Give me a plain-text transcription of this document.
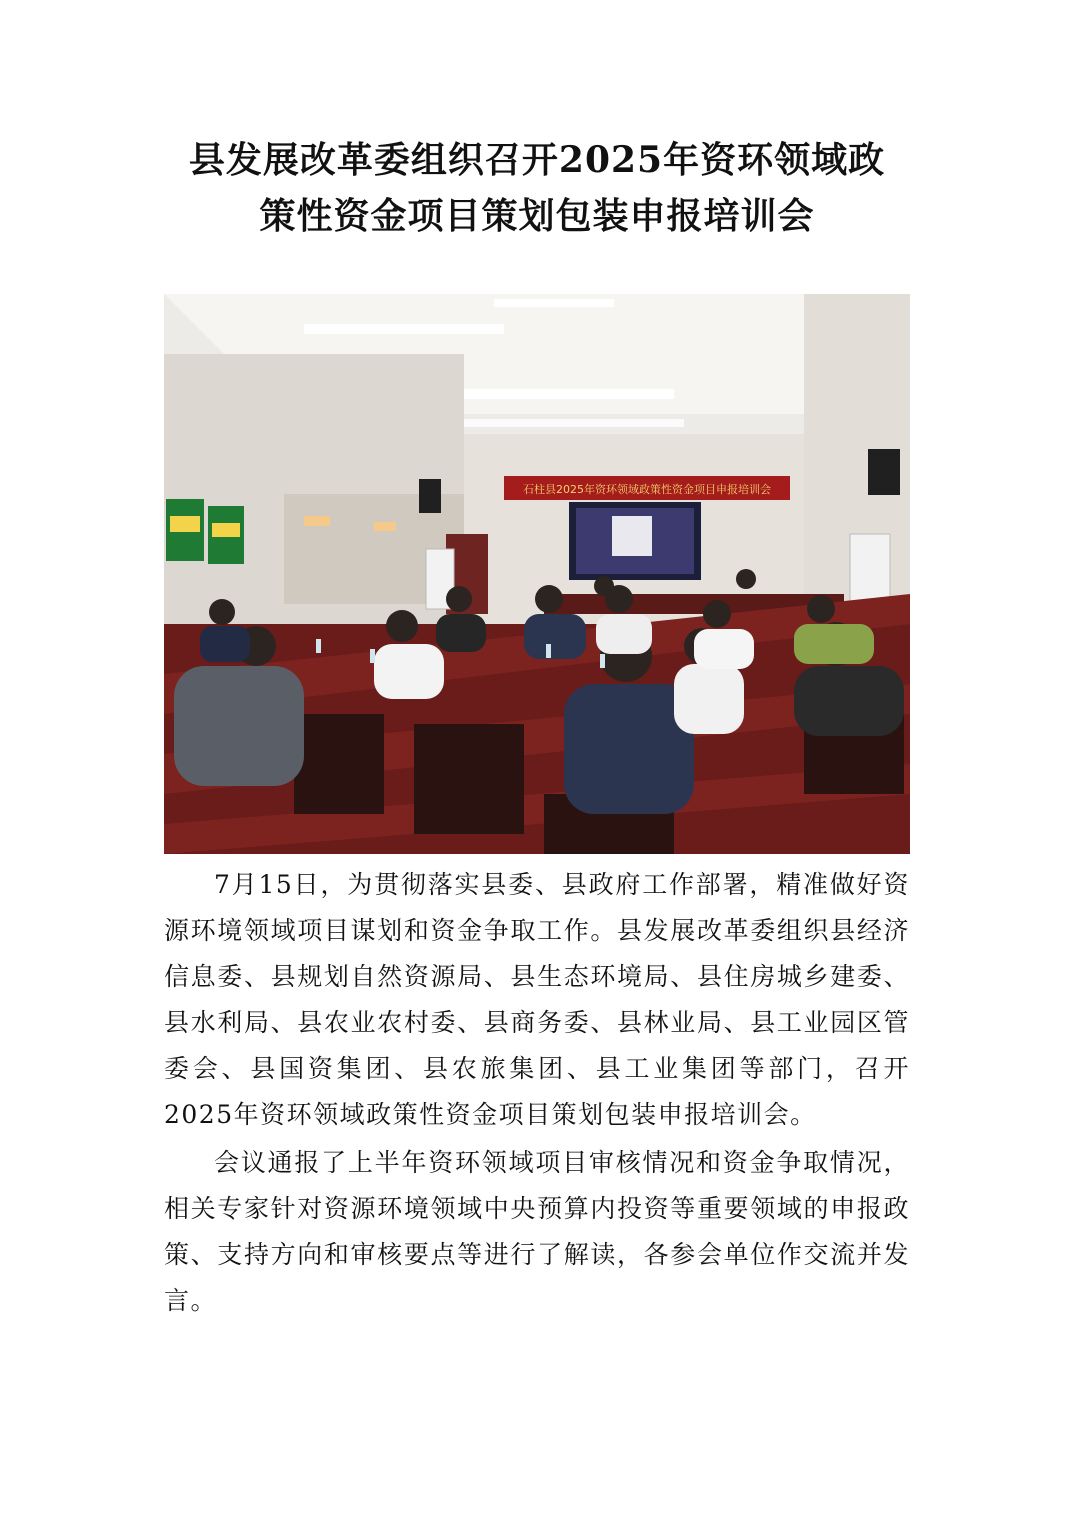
县发展改革委组织召开2025年资环领域政
策性资金项目策划包装申报培训会
石柱县2025年资环领域政策性资金项目申报培训会

7月15日，为贯彻落实县委、县政府工作部署，精准做好资源环境领域项目谋划和资金争取工作。县发展改革委组织县经济信息委、县规划自然资源局、县生态环境局、县住房城乡建委、县水利局、县农业农村委、县商务委、县林业局、县工业园区管委会、县国资集团、县农旅集团、县工业集团等部门，召开2025年资环领域政策性资金项目策划包装申报培训会。

会议通报了上半年资环领域项目审核情况和资金争取情况，相关专家针对资源环境领域中央预算内投资等重要领域的申报政策、支持方向和审核要点等进行了解读，各参会单位作交流并发言。
